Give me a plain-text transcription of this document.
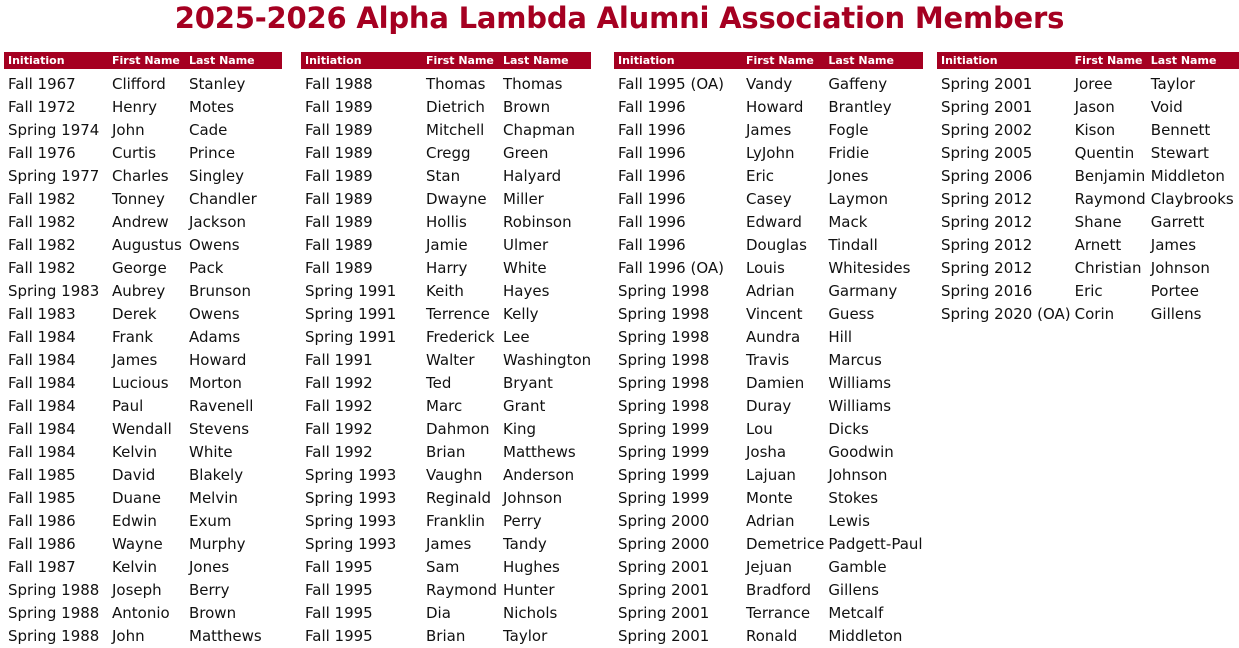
2025-2026 Alpha Lambda Alumni Association Members
Initiation	First Name	Last Name

Fall 1967	Clifford	Stanley
Fall 1972	Henry	Motes
Spring 1974	John	Cade
Fall 1976	Curtis	Prince
Spring 1977	Charles	Singley
Fall 1982	Tonney	Chandler
Fall 1982	Andrew	Jackson
Fall 1982	Augustus	Owens
Fall 1982	George	Pack
Spring 1983	Aubrey	Brunson
Fall 1983	Derek	Owens
Fall 1984	Frank	Adams
Fall 1984	James	Howard
Fall 1984	Lucious	Morton
Fall 1984	Paul	Ravenell
Fall 1984	Wendall	Stevens
Fall 1984	Kelvin	White
Fall 1985	David	Blakely
Fall 1985	Duane	Melvin
Fall 1986	Edwin	Exum
Fall 1986	Wayne	Murphy
Fall 1987	Kelvin	Jones
Spring 1988	Joseph	Berry
Spring 1988	Antonio	Brown
Spring 1988	John	Matthews
Initiation	First Name	Last Name

Fall 1988	Thomas	Thomas
Fall 1989	Dietrich	Brown
Fall 1989	Mitchell	Chapman
Fall 1989	Cregg	Green
Fall 1989	Stan	Halyard
Fall 1989	Dwayne	Miller
Fall 1989	Hollis	Robinson
Fall 1989	Jamie	Ulmer
Fall 1989	Harry	White
Spring 1991	Keith	Hayes
Spring 1991	Terrence	Kelly
Spring 1991	Frederick	Lee
Fall 1991	Walter	Washington
Fall 1992	Ted	Bryant
Fall 1992	Marc	Grant
Fall 1992	Dahmon	King
Fall 1992	Brian	Matthews
Spring 1993	Vaughn	Anderson
Spring 1993	Reginald	Johnson
Spring 1993	Franklin	Perry
Spring 1993	James	Tandy
Fall 1995	Sam	Hughes
Fall 1995	Raymond	Hunter
Fall 1995	Dia	Nichols
Fall 1995	Brian	Taylor
Initiation	First Name	Last Name

Fall 1995 (OA)	Vandy	Gaffeny
Fall 1996	Howard	Brantley
Fall 1996	James	Fogle
Fall 1996	LyJohn	Fridie
Fall 1996	Eric	Jones
Fall 1996	Casey	Laymon
Fall 1996	Edward	Mack
Fall 1996	Douglas	Tindall
Fall 1996 (OA)	Louis	Whitesides
Spring 1998	Adrian	Garmany
Spring 1998	Vincent	Guess
Spring 1998	Aundra	Hill
Spring 1998	Travis	Marcus
Spring 1998	Damien	Williams
Spring 1998	Duray	Williams
Spring 1999	Lou	Dicks
Spring 1999	Josha	Goodwin
Spring 1999	Lajuan	Johnson
Spring 1999	Monte	Stokes
Spring 2000	Adrian	Lewis
Spring 2000	Demetrice	Padgett-Paul
Spring 2001	Jejuan	Gamble
Spring 2001	Bradford	Gillens
Spring 2001	Terrance	Metcalf
Spring 2001	Ronald	Middleton
Initiation	First Name	Last Name

Spring 2001	Joree	Taylor
Spring 2001	Jason	Void
Spring 2002	Kison	Bennett
Spring 2005	Quentin	Stewart
Spring 2006	Benjamin	Middleton
Spring 2012	Raymond	Claybrooks
Spring 2012	Shane	Garrett
Spring 2012	Arnett	James
Spring 2012	Christian	Johnson
Spring 2016	Eric	Portee
Spring 2020 (OA)	Corin	Gillens
